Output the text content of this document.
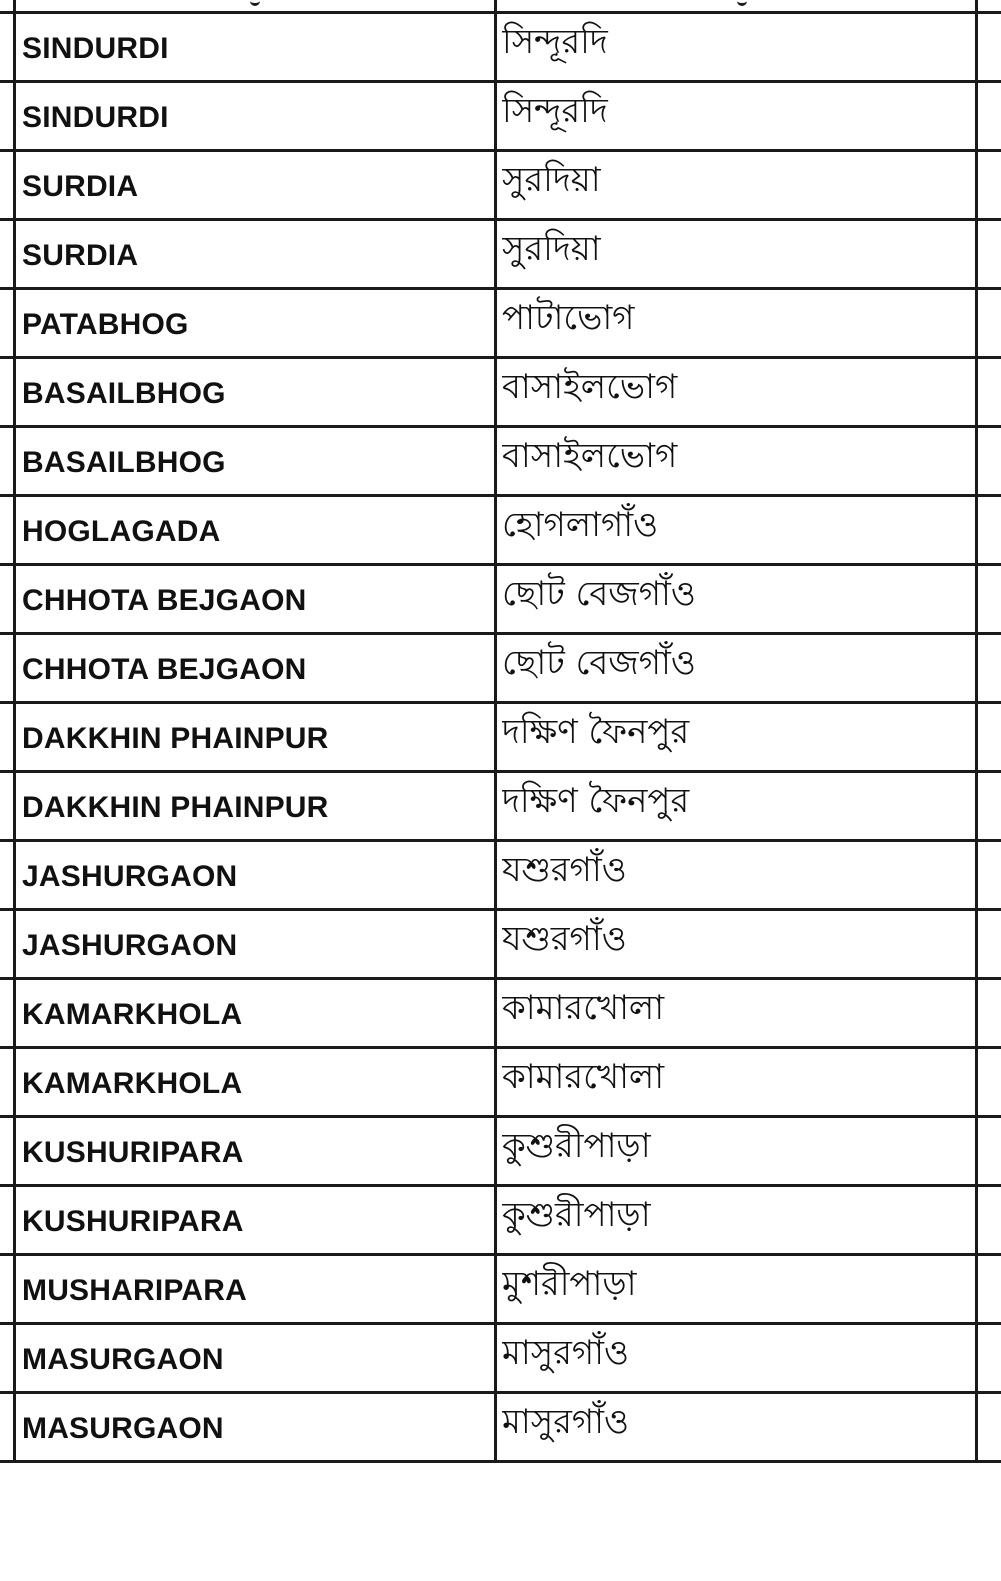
SINDURDI	সিন্দূরদি
SINDURDI	সিন্দূরদি
SURDIA	সুরদিয়া
SURDIA	সুরদিয়া
PATABHOG	পাটাভোগ
BASAILBHOG	বাসাইলভোগ
BASAILBHOG	বাসাইলভোগ
HOGLAGADA	হোগলাগাঁও
CHHOTA BEJGAON	ছোট বেজগাঁও
CHHOTA BEJGAON	ছোট বেজগাঁও
DAKKHIN PHAINPUR	দক্ষিণ ফৈনপুর
DAKKHIN PHAINPUR	দক্ষিণ ফৈনপুর
JASHURGAON	যশুরগাঁও
JASHURGAON	যশুরগাঁও
KAMARKHOLA	কামারখোলা
KAMARKHOLA	কামারখোলা
KUSHURIPARA	কুশুরীপাড়া
KUSHURIPARA	কুশুরীপাড়া
MUSHARIPARA	মুশরীপাড়া
MASURGAON	মাসুরগাঁও
MASURGAON	মাসুরগাঁও
